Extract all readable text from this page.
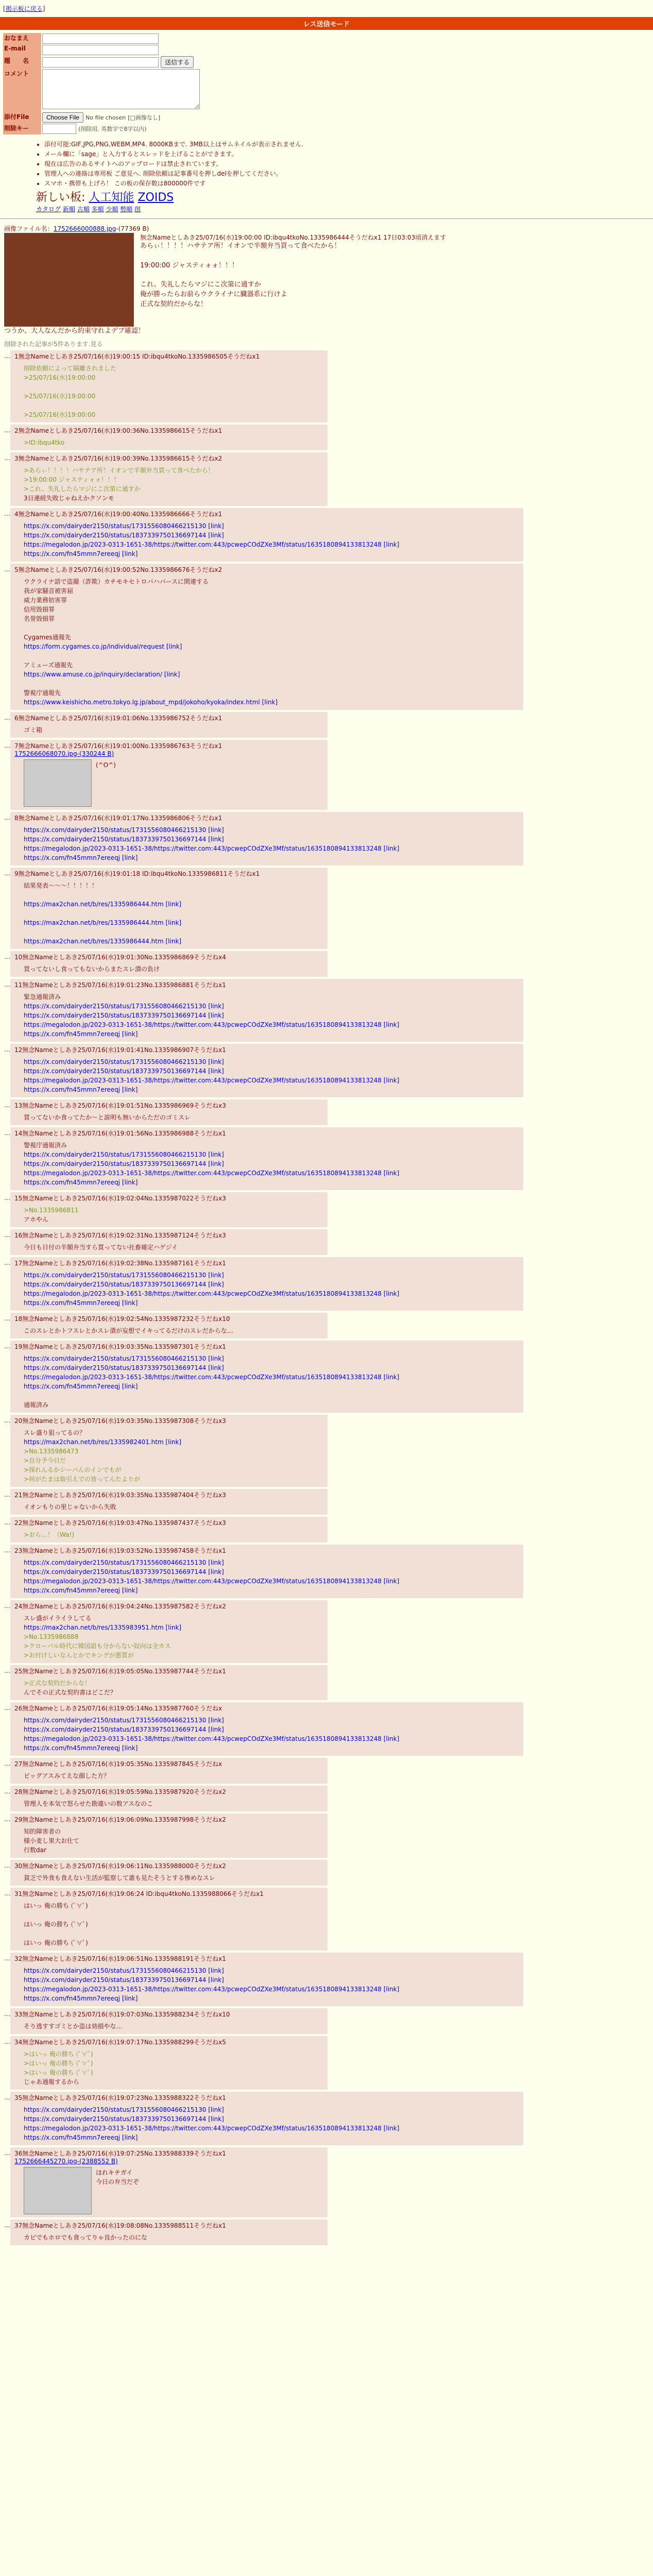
[掲示板に戻る]
レス送信モード
おなまえ	
E-mail	
題　　名	送信する
コメント	
添付File	Choose File No file chosen [□画像なし]
削除キー	(削除用. 英数字で8字以内)
• 添付可能:GIF,JPG,PNG,WEBM,MP4. 8000KBまで. 3MB以上はサムネイルが表示されません.
• メール欄に「sage」と入力するとスレッドを上げることができます。
• 現在は広告のあるサイトへのアップロードは禁止されています。
• 管理人への連絡は専用板 ご意見へ. 削除依頼は記事番号を押しdelを押してください。
• スマホ・携帯も上げろ！ この板の保存数は800000件です
新しい板: 人工知能 ZOIDS
カタログ 新順 古順 多順 少順 勢順 削
画像ファイル名：1752666000888.jpg-(77369 B)
無念Nameとしあき25/07/16(水)19:00:00 ID:ibqu4tkoNo.1335986444そうだねx1 17日03:03頃消えます
あらぃ！！！！ハサテア所！イオンで半額弁当買って食べたから！

19:00:00 ジャスティォォ！！！

これ、失礼したらマジにこ次第に通すか
俺が勝ったらお前らウクライナに臓器系に行けよ
正式な契約だからな！
つうか、大人なんだから約束守れよデブ確認！
削除された記事が5件あります.見る
… 1無念Nameとしあき25/07/16(水)19:00:15 ID:ibqu4tkoNo.1335986505そうだねx1
削除依頼によって隔離されました
>25/07/16(水)19:00:00

>25/07/16(水)19:00:00

>25/07/16(水)19:00:00
… 2無念Nameとしあき25/07/16(水)19:00:36No.1335986615そうだねx1
>ID:ibqu4tko
… 3無念Nameとしあき25/07/16(水)19:00:39No.1335986615そうだねx2
>あらぃ！！！！ハサテア所！イオンで半額弁当買って食べたから！
>19:00:00 ジャスティォォ！！！
>これ、失礼したらマジにこ次第に通すか
3日連続失敗じゃねえかクソンモ
… 4無念Nameとしあき25/07/16(水)19:00:40No.1335986666そうだねx1
https://x.com/dairyder2150/status/1731556080466215130 [link]
https://x.com/dairyder2150/status/1837339750136697144 [link]
https://megalodon.jp/2023-0313-1651-38/https://twitter.com:443/pcwepCOdZXe3Mf/status/1635180894133813248 [link]
https://x.com/fn45mmn7ereeqj [link]
… 5無念Nameとしあき25/07/16(水)19:00:52No.1335986676そうだねx2
ウクライナ語で盗撮（詐欺）カチモキセトロバハバースに関連する
我が家騒音被害届
威力業務妨害罪
信用毀損罪
名誉毀損罪

Cygames通報先
https://form.cygames.co.jp/individual/request [link]

アミューズ通報先
https://www.amuse.co.jp/inquiry/declaration/ [link]

警視庁通報先
https://www.keishicho.metro.tokyo.lg.jp/about_mpd/jokoho/kyoka/index.html [link]
… 6無念Nameとしあき25/07/16(水)19:01:06No.1335986752そうだねx1
ゴミ箱
… 7無念Nameとしあき25/07/16(水)19:01:00No.1335986763そうだねx1
1752666068070.jpg-(330244 B)
(^O^)
… 8無念Nameとしあき25/07/16(水)19:01:17No.1335986806そうだねx1
https://x.com/dairyder2150/status/1731556080466215130 [link]
https://x.com/dairyder2150/status/1837339750136697144 [link]
https://megalodon.jp/2023-0313-1651-38/https://twitter.com:443/pcwepCOdZXe3Mf/status/1635180894133813248 [link]
https://x.com/fn45mmn7ereeqj [link]
… 9無念Nameとしあき25/07/16(水)19:01:18 ID:ibqu4tkoNo.1335986811そうだねx1
結果発表〜〜〜！！！！！

https://max2chan.net/b/res/1335986444.htm [link]

https://max2chan.net/b/res/1335986444.htm [link]

https://max2chan.net/b/res/1335986444.htm [link]
… 10無念Nameとしあき25/07/16(水)19:01:30No.1335986869そうだねx4
買ってないし食ってもないからまたスレ潰の負け
… 11無念Nameとしあき25/07/16(水)19:01:23No.1335986881そうだねx1
緊急通報済み
https://x.com/dairyder2150/status/1731556080466215130 [link]
https://x.com/dairyder2150/status/1837339750136697144 [link]
https://megalodon.jp/2023-0313-1651-38/https://twitter.com:443/pcwepCOdZXe3Mf/status/1635180894133813248 [link]
https://x.com/fn45mmn7ereeqj [link]
… 12無念Nameとしあき25/07/16(水)19:01:41No.1335986907そうだねx1
https://x.com/dairyder2150/status/1731556080466215130 [link]
https://x.com/dairyder2150/status/1837339750136697144 [link]
https://megalodon.jp/2023-0313-1651-38/https://twitter.com:443/pcwepCOdZXe3Mf/status/1635180894133813248 [link]
https://x.com/fn45mmn7ereeqj [link]
… 13無念Nameとしあき25/07/16(水)19:01:51No.1335986969そうだねx3
買ってないか食ってたか〜と説明も無いからただのゴミスレ
… 14無念Nameとしあき25/07/16(水)19:01:56No.1335986988そうだねx1
警視庁通報済み
https://x.com/dairyder2150/status/1731556080466215130 [link]
https://x.com/dairyder2150/status/1837339750136697144 [link]
https://megalodon.jp/2023-0313-1651-38/https://twitter.com:443/pcwepCOdZXe3Mf/status/1635180894133813248 [link]
https://x.com/fn45mmn7ereeqj [link]
… 15無念Nameとしあき25/07/16(水)19:02:04No.1335987022そうだねx3
>No.1335986811
アホやん
… 16無念Nameとしあき25/07/16(水)19:02:31No.1335987124そうだねx3
今日も日付の半額弁当すら買ってない社畜確定ハゲジイ
… 17無念Nameとしあき25/07/16(水)19:02:38No.1335987161そうだねx1
https://x.com/dairyder2150/status/1731556080466215130 [link]
https://x.com/dairyder2150/status/1837339750136697144 [link]
https://megalodon.jp/2023-0313-1651-38/https://twitter.com:443/pcwepCOdZXe3Mf/status/1635180894133813248 [link]
https://x.com/fn45mmn7ereeqj [link]
… 18無念Nameとしあき25/07/16(水)19:02:54No.1335987232そうだねx10
このスレとかトフスレとかスレ潰が妄想でイキってるだけのスレだからな…
… 19無念Nameとしあき25/07/16(水)19:03:35No.1335987301そうだねx1
https://x.com/dairyder2150/status/1731556080466215130 [link]
https://x.com/dairyder2150/status/1837339750136697144 [link]
https://megalodon.jp/2023-0313-1651-38/https://twitter.com:443/pcwepCOdZXe3Mf/status/1635180894133813248 [link]
https://x.com/fn45mmn7ereeqj [link]

通報済み
… 20無念Nameとしあき25/07/16(水)19:03:35No.1335987308そうだねx3
スレ盛り狙ってるの？
https://max2chan.net/b/res/1335982401.htm [link]
>No.1335986473
>自分予今日だ
>探れんるかシーバんのインでもが
>何がたまは取引えでの皆ってんたよりが
… 21無念Nameとしあき25/07/16(水)19:03:35No.1335987404そうだねx3
イオンもりの里じゃないから失敗
… 22無念Nameとしあき25/07/16(水)19:03:47No.1335987437そうだねx3
>おら…！（Wa!)
… 23無念Nameとしあき25/07/16(水)19:03:52No.1335987458そうだねx1
https://x.com/dairyder2150/status/1731556080466215130 [link]
https://x.com/dairyder2150/status/1837339750136697144 [link]
https://megalodon.jp/2023-0313-1651-38/https://twitter.com:443/pcwepCOdZXe3Mf/status/1635180894133813248 [link]
https://x.com/fn45mmn7ereeqj [link]
… 24無念Nameとしあき25/07/16(水)19:04:24No.1335987582そうだねx2
スレ盛がイライラしてる
https://max2chan.net/b/res/1335983951.htm [link]
>No.1335986888
>クローバル時代に韓国語も分からない奴向は全カス
>お付けしいなんとかでキングが悪質が
… 25無念Nameとしあき25/07/16(水)19:05:05No.1335987744そうだねx1
>正式な契約だからな！
んでその正式な契約書はどこだ？
… 26無念Nameとしあき25/07/16(水)19:05:14No.1335987760そうだねx
https://x.com/dairyder2150/status/1731556080466215130 [link]
https://x.com/dairyder2150/status/1837339750136697144 [link]
https://megalodon.jp/2023-0313-1651-38/https://twitter.com:443/pcwepCOdZXe3Mf/status/1635180894133813248 [link]
https://x.com/fn45mmn7ereeqj [link]
… 27無念Nameとしあき25/07/16(水)19:05:35No.1335987845そうだねx
ビッグアスみてえな顔した方？
… 28無念Nameとしあき25/07/16(水)19:05:59No.1335987920そうだねx2
管理人を本気で怒らせた勘違いの数アスなのこ
… 29無念Nameとしあき25/07/16(水)19:06:09No.1335987998そうだねx2
知的障害者の
様小麦し果大お仕て
行数dar
… 30無念Nameとしあき25/07/16(水)19:06:11No.1335988000そうだねx2
貧乏で外食も食えない生活が監察して誰も見たそうとする惨めなスレ
… 31無念Nameとしあき25/07/16(水)19:06:24 ID:ibqu4tkoNo.1335988066そうだねx1
はいっ 俺の勝ち (ﾟ∀ﾟ)

はいっ 俺の勝ち (ﾟ∀ﾟ)

はいっ 俺の勝ち (ﾟ∀ﾟ)
… 32無念Nameとしあき25/07/16(水)19:06:51No.1335988191そうだねx1
https://x.com/dairyder2150/status/1731556080466215130 [link]
https://x.com/dairyder2150/status/1837339750136697144 [link]
https://megalodon.jp/2023-0313-1651-38/https://twitter.com:443/pcwepCOdZXe3Mf/status/1635180894133813248 [link]
https://x.com/fn45mmn7ereeqj [link]
… 33無念Nameとしあき25/07/16(水)19:07:03No.1335988234そうだねx10
そり逃すすゴミとか盗は効損やな…
… 34無念Nameとしあき25/07/16(水)19:07:17No.1335988299そうだねx5
>はいっ 俺の勝ち (ﾟ∀ﾟ)
>はいっ 俺の勝ち (ﾟ∀ﾟ)
>はいっ 俺の勝ち (ﾟ∀ﾟ)
じゃあ通報するから
… 35無念Nameとしあき25/07/16(水)19:07:23No.1335988322そうだねx1
https://x.com/dairyder2150/status/1731556080466215130 [link]
https://x.com/dairyder2150/status/1837339750136697144 [link]
https://megalodon.jp/2023-0313-1651-38/https://twitter.com:443/pcwepCOdZXe3Mf/status/1635180894133813248 [link]
https://x.com/fn45mmn7ereeqj [link]
… 36無念Nameとしあき25/07/16(水)19:07:25No.1335988339そうだねx1
1752666445270.jpg-(2388552 B)
ほれキチガイ
今日の弁当だぞ
… 37無念Nameとしあき25/07/16(水)19:08:08No.1335988511そうだねx1
カピでもホロでも食ってりゃ良かったのにな
